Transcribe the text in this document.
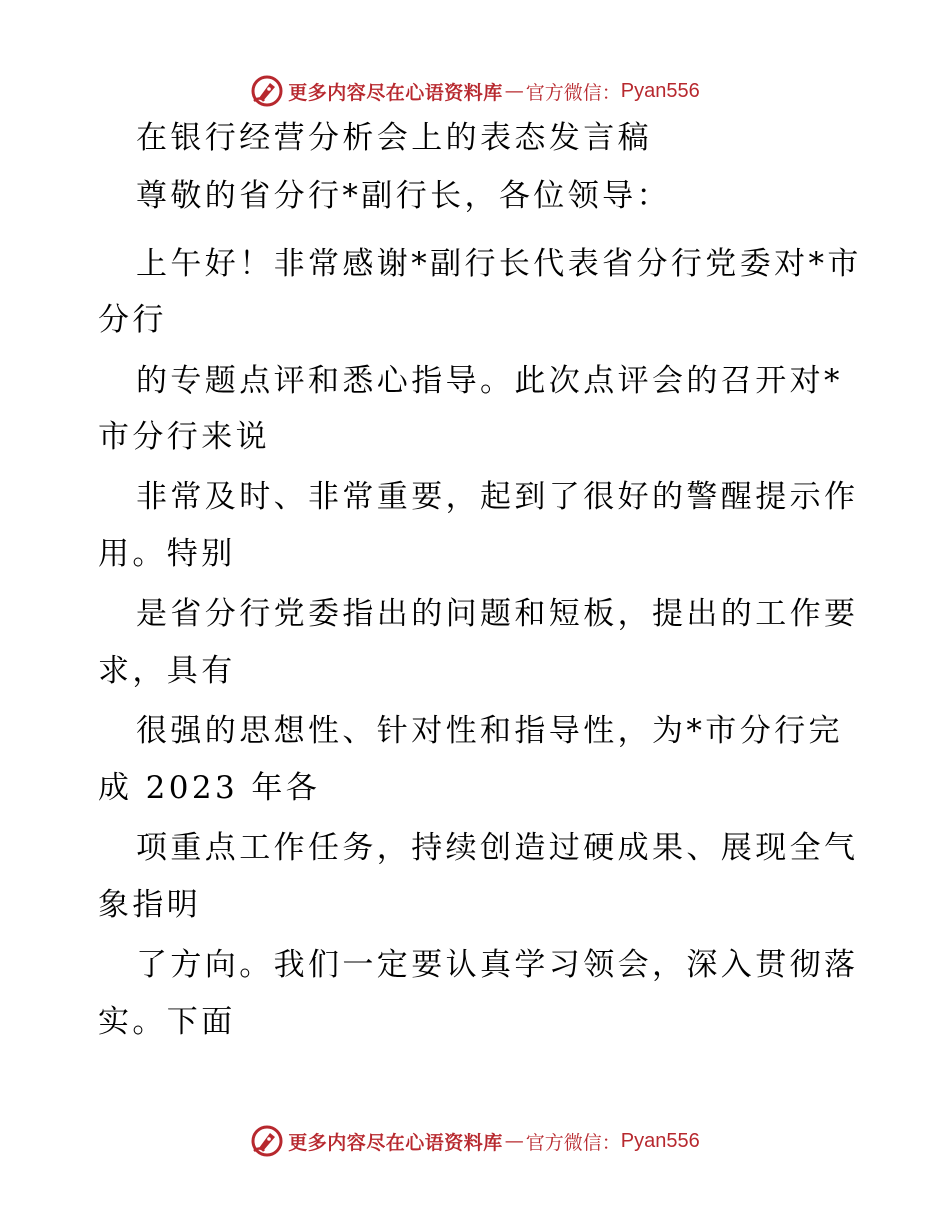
更多内容尽在心语资料库 — 官方微信： Pyan556
在银行经营分析会上的表态发言稿
尊敬的省分行*副行长，各位领导：
上午好！非常感谢*副行长代表省分行党委对*市
分行
的专题点评和悉心指导。此次点评会的召开对*
市分行来说
非常及时、非常重要，起到了很好的警醒提示作
用。特别
是省分行党委指出的问题和短板，提出的工作要
求，具有
很强的思想性、针对性和指导性，为*市分行完
成 2023 年各
项重点工作任务，持续创造过硬成果、展现全气
象指明
了方向。我们一定要认真学习领会，深入贯彻落
实。下面
更多内容尽在心语资料库 — 官方微信： Pyan556
